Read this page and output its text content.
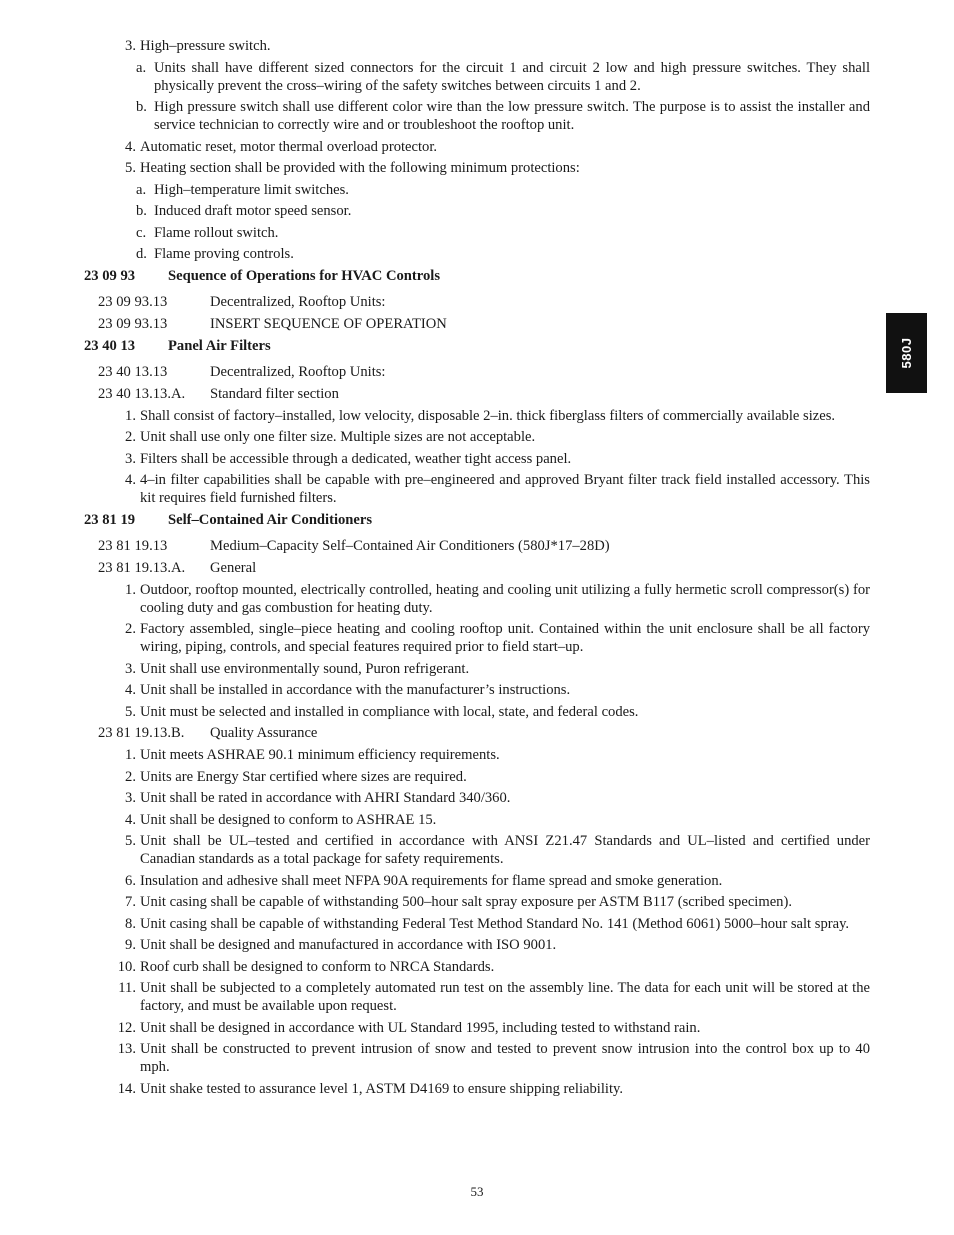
3. High–pressure switch.
a. Units shall have different sized connectors for the circuit 1 and circuit 2 low and high pressure switches. They shall physically prevent the cross–wiring of the safety switches between circuits 1 and 2.
b. High pressure switch shall use different color wire than the low pressure switch. The purpose is to assist the installer and service technician to correctly wire and or troubleshoot the rooftop unit.
4. Automatic reset, motor thermal overload protector.
5. Heating section shall be provided with the following minimum protections:
a. High–temperature limit switches.
b. Induced draft motor speed sensor.
c. Flame rollout switch.
d. Flame proving controls.
23 09 93 Sequence of Operations for HVAC Controls
23 09 93.13	Decentralized, Rooftop Units:
23 09 93.13	INSERT SEQUENCE OF OPERATION
23 40 13 Panel Air Filters
23 40 13.13	Decentralized, Rooftop Units:
23 40 13.13.A. Standard filter section
1. Shall consist of factory–installed, low velocity, disposable 2–in. thick fiberglass filters of commercially available sizes.
2. Unit shall use only one filter size. Multiple sizes are not acceptable.
3. Filters shall be accessible through a dedicated, weather tight access panel.
4. 4–in filter capabilities shall be capable with pre–engineered and approved Bryant filter track field installed accessory. This kit requires field furnished filters.
23 81 19 Self–Contained Air Conditioners
23 81 19.13	Medium–Capacity Self–Contained Air Conditioners (580J*17–28D)
23 81 19.13.A. General
1. Outdoor, rooftop mounted, electrically controlled, heating and cooling unit utilizing a fully hermetic scroll compressor(s) for cooling duty and gas combustion for heating duty.
2. Factory assembled, single–piece heating and cooling rooftop unit. Contained within the unit enclosure shall be all factory wiring, piping, controls, and special features required prior to field start–up.
3. Unit shall use environmentally sound, Puron refrigerant.
4. Unit shall be installed in accordance with the manufacturer’s instructions.
5. Unit must be selected and installed in compliance with local, state, and federal codes.
23 81 19.13.B. Quality Assurance
1. Unit meets ASHRAE 90.1 minimum efficiency requirements.
2. Units are Energy Star certified where sizes are required.
3. Unit shall be rated in accordance with AHRI Standard 340/360.
4. Unit shall be designed to conform to ASHRAE 15.
5. Unit shall be UL–tested and certified in accordance with ANSI Z21.47 Standards and UL–listed and certified under Canadian standards as a total package for safety requirements.
6. Insulation and adhesive shall meet NFPA 90A requirements for flame spread and smoke generation.
7. Unit casing shall be capable of withstanding 500–hour salt spray exposure per ASTM B117 (scribed specimen).
8. Unit casing shall be capable of withstanding Federal Test Method Standard No. 141 (Method 6061) 5000–hour salt spray.
9. Unit shall be designed and manufactured in accordance with ISO 9001.
10. Roof curb shall be designed to conform to NRCA Standards.
11. Unit shall be subjected to a completely automated run test on the assembly line. The data for each unit will be stored at the factory, and must be available upon request.
12. Unit shall be designed in accordance with UL Standard 1995, including tested to withstand rain.
13. Unit shall be constructed to prevent intrusion of snow and tested to prevent snow intrusion into the control box up to 40 mph.
14. Unit shake tested to assurance level 1, ASTM D4169 to ensure shipping reliability.
580J
53
